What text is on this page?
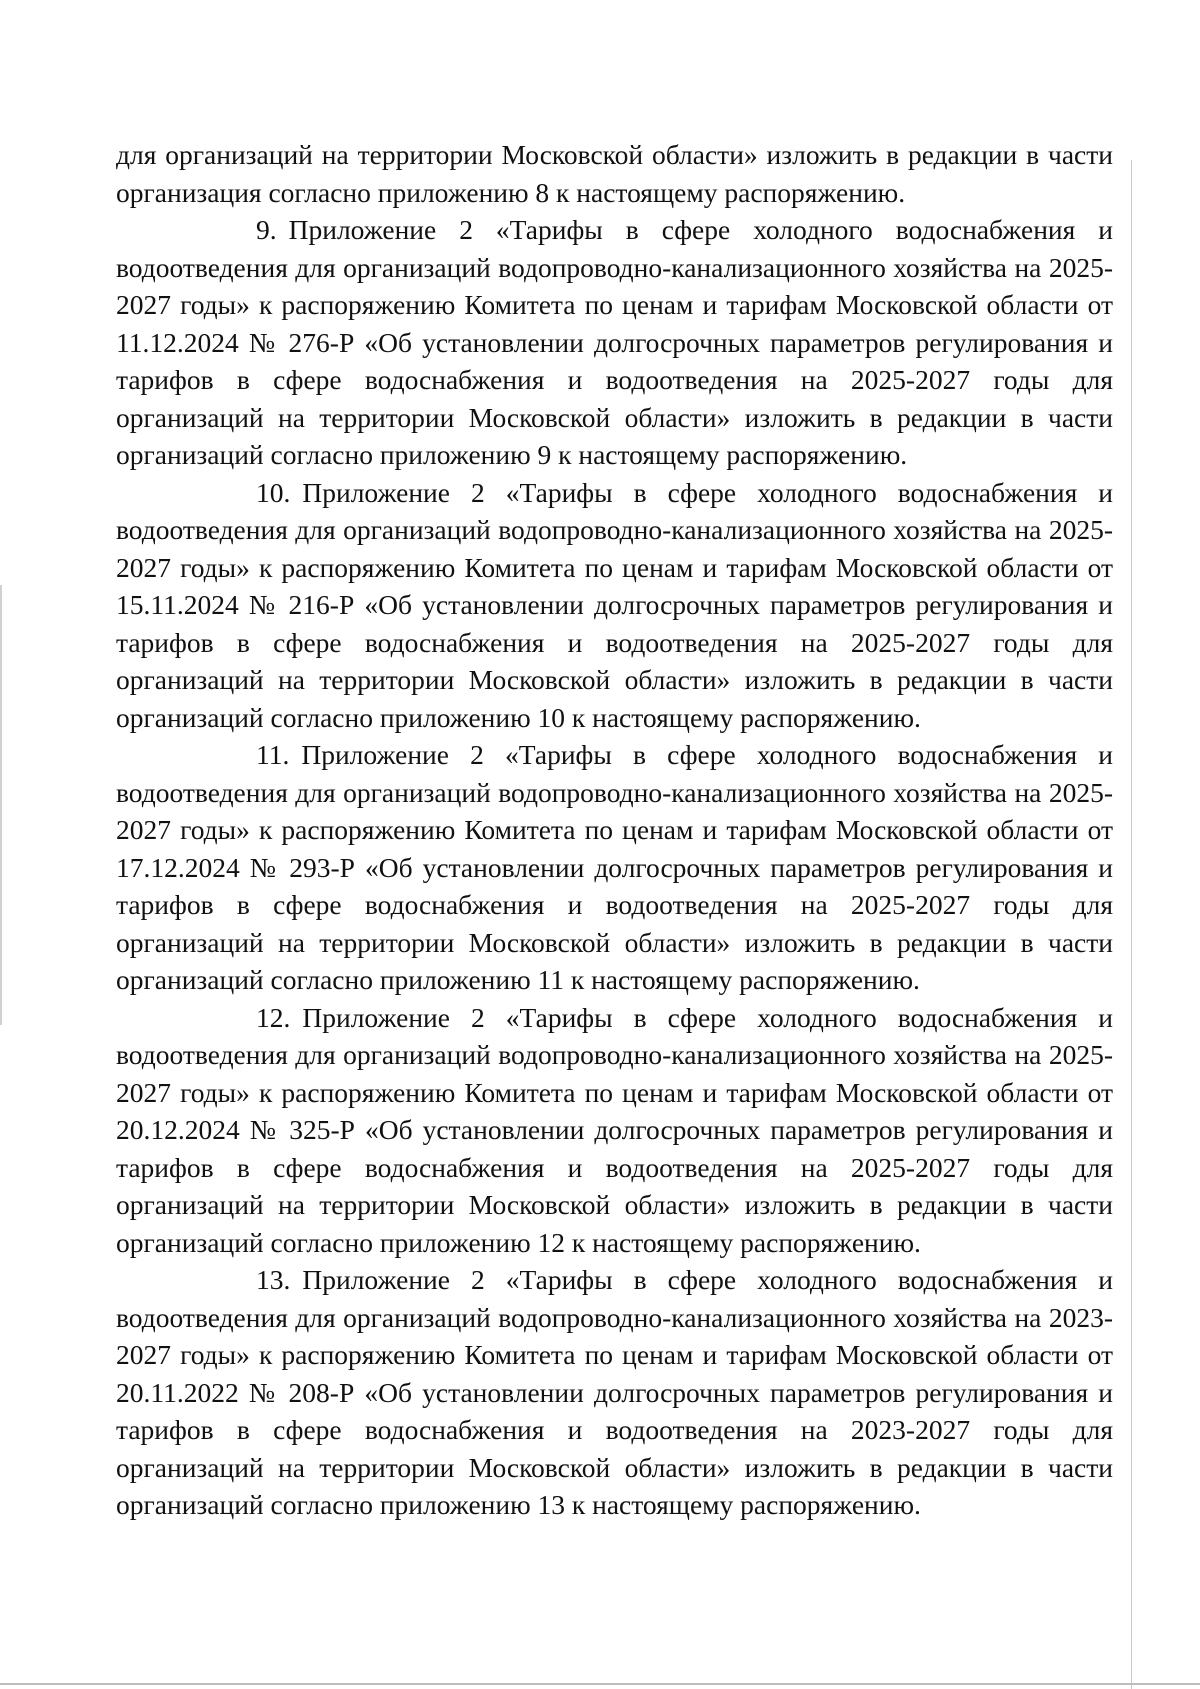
для организаций на территории Московской области» изложить в редакции в части организация согласно приложению 8 к настоящему распоряжению.

9. Приложение 2 «Тарифы в сфере холодного водоснабжения и водоотведения для организаций водопроводно-канализационного хозяйства на 2025-2027 годы» к распоряжению Комитета по ценам и тарифам Московской области от 11.12.2024 № 276-Р «Об установлении долгосрочных параметров регулирования и тарифов в сфере водоснабжения и водоотведения на 2025-2027 годы для организаций на территории Московской области» изложить в редакции в части организаций согласно приложению 9 к настоящему распоряжению.

10. Приложение 2 «Тарифы в сфере холодного водоснабжения и водоотведения для организаций водопроводно-канализационного хозяйства на 2025-2027 годы» к распоряжению Комитета по ценам и тарифам Московской области от 15.11.2024 № 216-Р «Об установлении долгосрочных параметров регулирования и тарифов в сфере водоснабжения и водоотведения на 2025-2027 годы для организаций на территории Московской области» изложить в редакции в части организаций согласно приложению 10 к настоящему распоряжению.

11. Приложение 2 «Тарифы в сфере холодного водоснабжения и водоотведения для организаций водопроводно-канализационного хозяйства на 2025-2027 годы» к распоряжению Комитета по ценам и тарифам Московской области от 17.12.2024 № 293-Р «Об установлении долгосрочных параметров регулирования и тарифов в сфере водоснабжения и водоотведения на 2025-2027 годы для организаций на территории Московской области» изложить в редакции в части организаций согласно приложению 11 к настоящему распоряжению.

12. Приложение 2 «Тарифы в сфере холодного водоснабжения и водоотведения для организаций водопроводно-канализационного хозяйства на 2025-2027 годы» к распоряжению Комитета по ценам и тарифам Московской области от 20.12.2024 № 325-Р «Об установлении долгосрочных параметров регулирования и тарифов в сфере водоснабжения и водоотведения на 2025-2027 годы для организаций на территории Московской области» изложить в редакции в части организаций согласно приложению 12 к настоящему распоряжению.

13. Приложение 2 «Тарифы в сфере холодного водоснабжения и водоотведения для организаций водопроводно-канализационного хозяйства на 2023-2027 годы» к распоряжению Комитета по ценам и тарифам Московской области от 20.11.2022 № 208-Р «Об установлении долгосрочных параметров регулирования и тарифов в сфере водоснабжения и водоотведения на 2023-2027 годы для организаций на территории Московской области» изложить в редакции в части организаций согласно приложению 13 к настоящему распоряжению.
